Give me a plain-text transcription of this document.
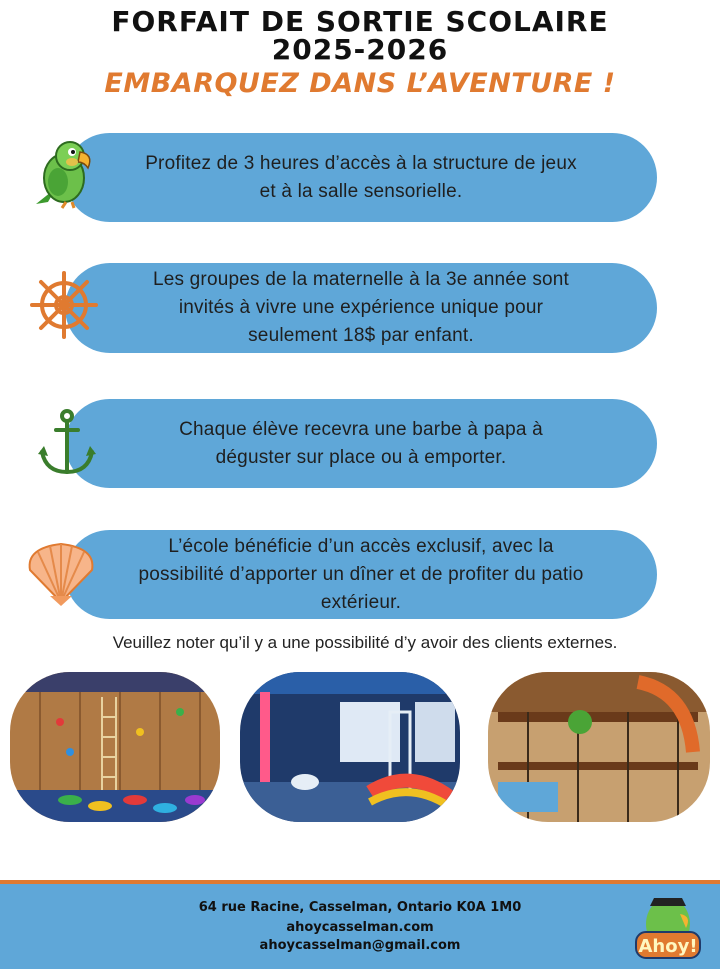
FORFAIT DE SORTIE SCOLAIRE
2025-2026
EMBARQUEZ DANS L’AVENTURE !
Profitez de 3 heures d’accès à la structure de jeux
et à la salle sensorielle.
Les groupes de la maternelle à la 3e année sont
invités à vivre une expérience unique pour
seulement 18$ par enfant.
Chaque élève recevra une barbe à papa à
déguster sur place ou à emporter.
L’école bénéficie d’un accès exclusif, avec la
possibilité d’apporter un dîner et de profiter du patio
extérieur.
Veuillez noter qu’il y a une possibilité d’y avoir des clients externes.
64 rue Racine, Casselman, Ontario K0A 1M0
ahoycasselman.com
ahoycasselman@gmail.com	Ahoy!
